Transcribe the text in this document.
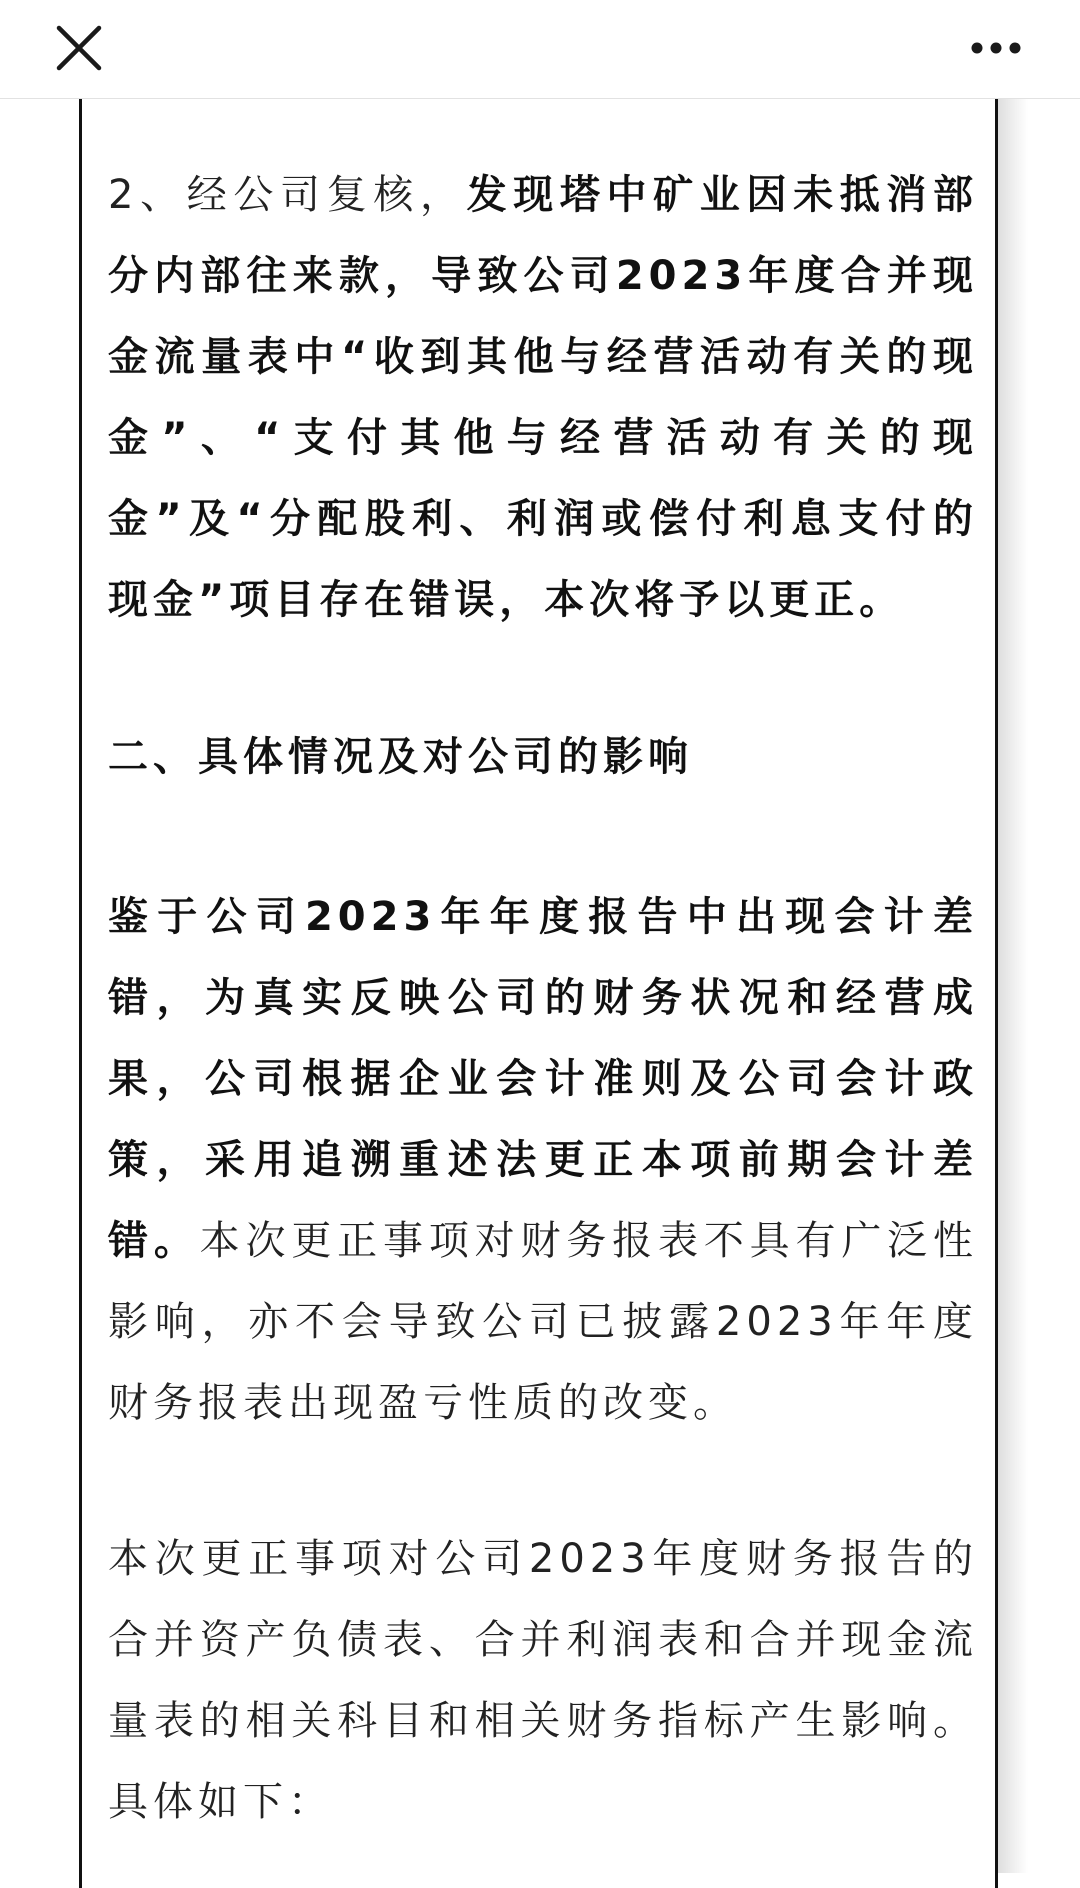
2、经公司复核，发现塔中矿业因未抵消部分内部往来款，导致公司2023年度合并现金流量表中“收到其他与经营活动有关的现金”、“支付其他与经营活动有关的现金”及“分配股利、利润或偿付利息支付的现金”项目存在错误，本次将予以更正。

二、具体情况及对公司的影响

鉴于公司2023年年度报告中出现会计差错，为真实反映公司的财务状况和经营成果，公司根据企业会计准则及公司会计政策，采用追溯重述法更正本项前期会计差错。本次更正事项对财务报表不具有广泛性影响，亦不会导致公司已披露2023年年度财务报表出现盈亏性质的改变。

本次更正事项对公司2023年度财务报告的合并资产负债表、合并利润表和合并现金流量表的相关科目和相关财务指标产生影响。具体如下：
